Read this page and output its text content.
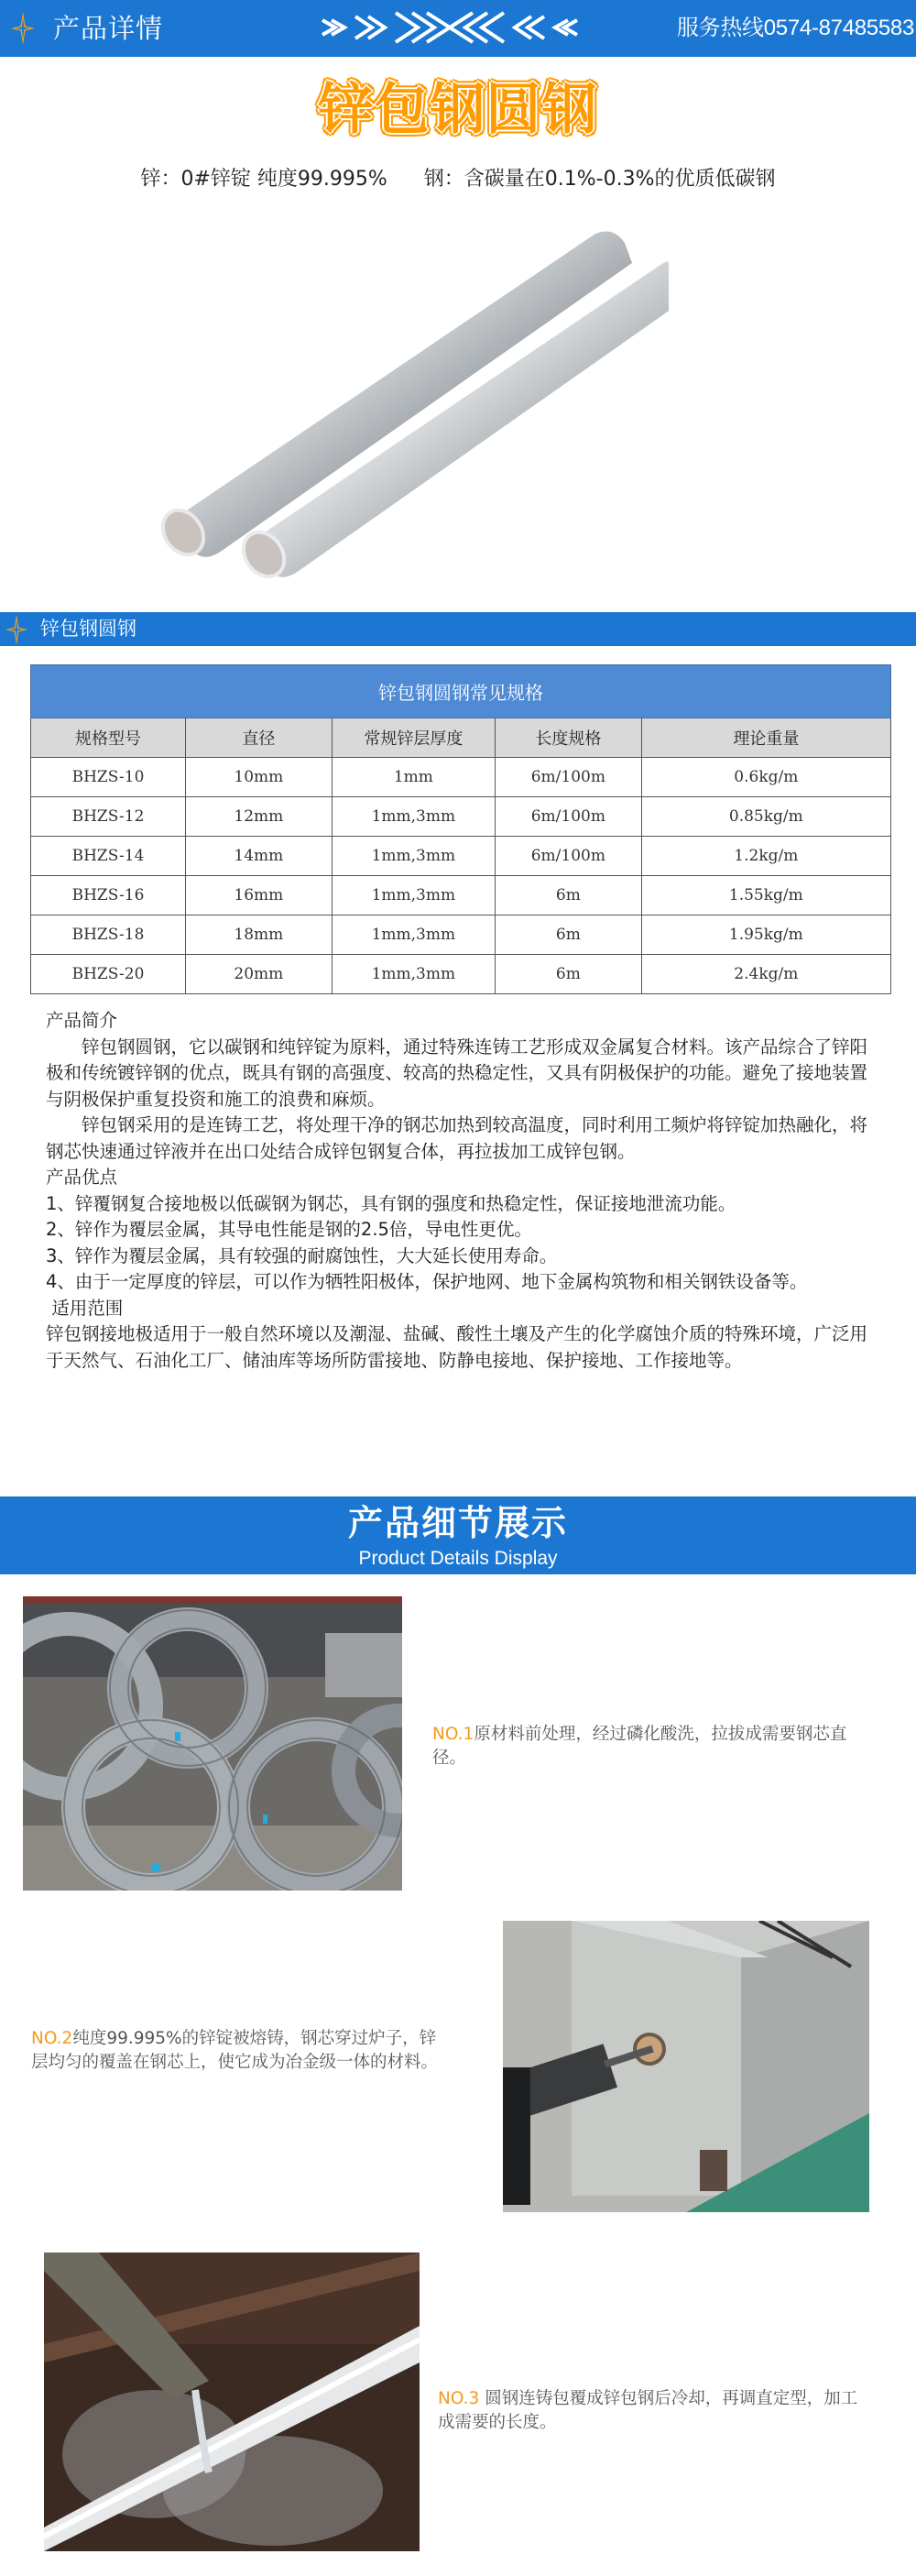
产品详情	服务热线0574-87485583
锌包钢圆钢
锌：0#锌锭 纯度99.995% 钢：含碳量在0.1%-0.3%的优质低碳钢
锌包钢圆钢
锌包钢圆钢常见规格				
规格型号	直径	常规锌层厚度	长度规格	理论重量
BHZS-10	10mm	1mm	6m/100m	0.6kg/m
BHZS-12	12mm	1mm,3mm	6m/100m	0.85kg/m
BHZS-14	14mm	1mm,3mm	6m/100m	1.2kg/m
BHZS-16	16mm	1mm,3mm	6m	1.55kg/m
BHZS-18	18mm	1mm,3mm	6m	1.95kg/m
BHZS-20	20mm	1mm,3mm	6m	2.4kg/m

产品简介

锌包钢圆钢，它以碳钢和纯锌锭为原料，通过特殊连铸工艺形成双金属复合材料。该产品综合了锌阳极和传统镀锌钢的优点，既具有钢的高强度、较高的热稳定性，又具有阴极保护的功能。避免了接地装置与阴极保护重复投资和施工的浪费和麻烦。

锌包钢采用的是连铸工艺，将处理干净的钢芯加热到较高温度，同时利用工频炉将锌锭加热融化，将钢芯快速通过锌液并在出口处结合成锌包钢复合体，再拉拔加工成锌包钢。

产品优点

1、锌覆钢复合接地极以低碳钢为钢芯，具有钢的强度和热稳定性，保证接地泄流功能。

2、锌作为覆层金属，其导电性能是钢的2.5倍，导电性更优。

3、锌作为覆层金属，具有较强的耐腐蚀性，大大延长使用寿命。

4、由于一定厚度的锌层，可以作为牺牲阳极体，保护地网、地下金属构筑物和相关钢铁设备等。

适用范围

锌包钢接地极适用于一般自然环境以及潮湿、盐碱、酸性土壤及产生的化学腐蚀介质的特殊环境，广泛用于天然气、石油化工厂、储油库等场所防雷接地、防静电接地、保护接地、工作接地等。

产品细节展示
Product Details Display
NO.1原材料前处理，经过磷化酸洗，拉拔成需要钢芯直径。
NO.2纯度99.995%的锌锭被熔铸，钢芯穿过炉子，锌层均匀的覆盖在钢芯上，使它成为冶金级一体的材料。
NO.3 圆钢连铸包覆成锌包钢后冷却，再调直定型，加工成需要的长度。
